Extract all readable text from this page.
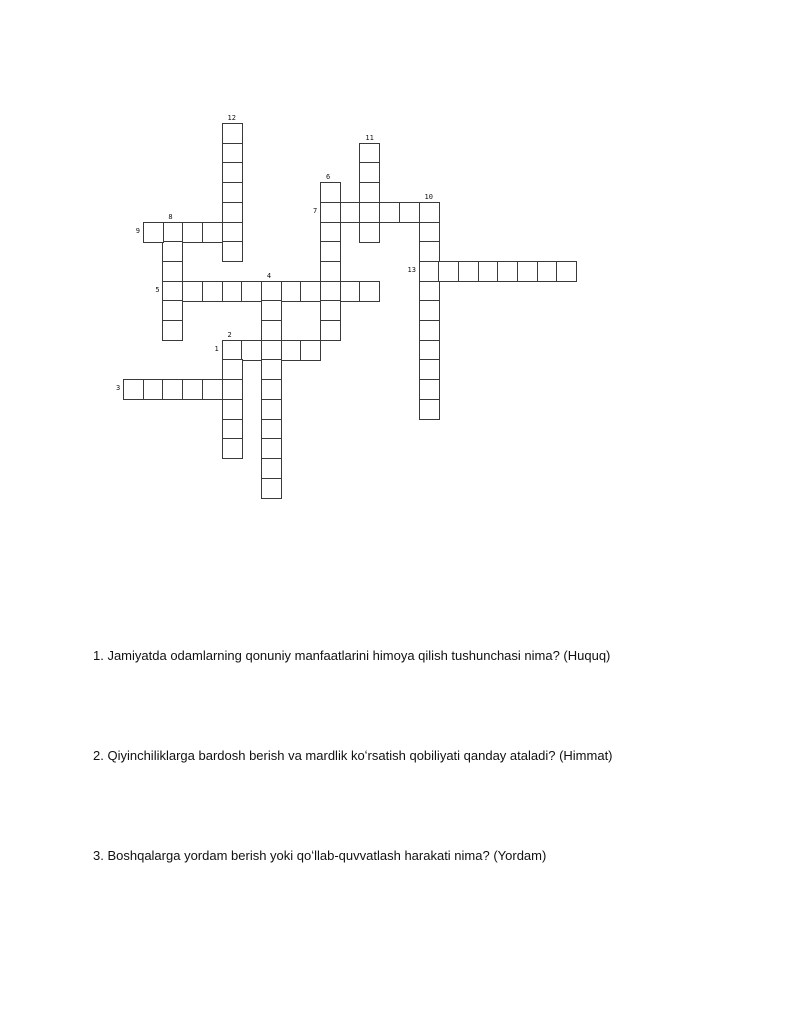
1
2
3
4
5
6
7
8
9
10
11
12
13
1. Jamiyatda odamlarning qonuniy manfaatlarini himoya qilish tushunchasi nima? (Huquq)
2. Qiyinchiliklarga bardosh berish va mardlik koʻrsatish qobiliyati qanday ataladi? (Himmat)
3. Boshqalarga yordam berish yoki qoʻllab-quvvatlash harakati nima? (Yordam)
